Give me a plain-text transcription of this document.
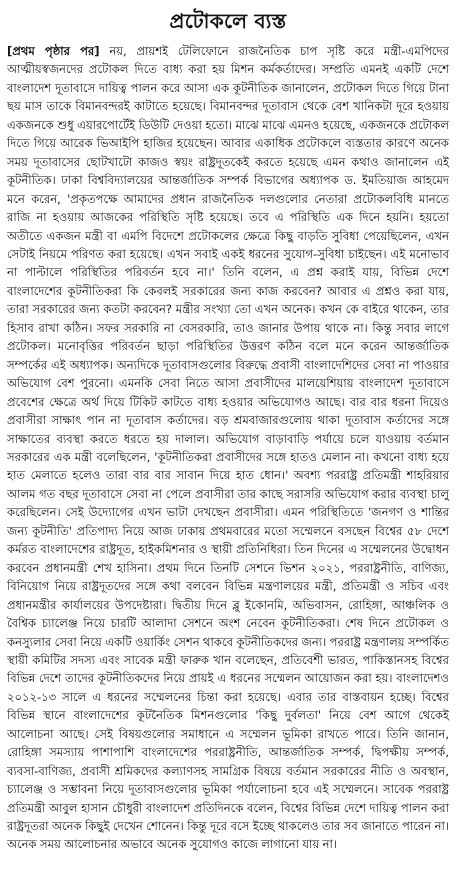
প্রটোকলে ব্যস্ত

[প্রথম পৃষ্ঠার পর] নয়, প্রায়শই টেলিফোনে রাজনৈতিক চাপ সৃষ্টি করে মন্ত্রী-এমপিদের আত্মীয়স্বজনদের প্রটোকল দিতে বাধ্য করা হয় মিশন কর্মকর্তাদের। সম্প্রতি এমনই একটি দেশে বাংলাদেশ দূতাবাসে দায়িত্ব পালন করে আসা এক কূটনীতিক জানালেন, প্রটোকল দিতে গিয়ে টানা ছয় মাস তাকে বিমানবন্দরই কাটাতে হয়েছে। বিমানবন্দর দূতাবাস থেকে বেশ খানিকটা দূরে হওয়ায় একজনকে শুধু এয়ারপোর্টেই ডিউটি দেওয়া হতো। মাঝে মাঝে এমনও হয়েছে, একজনকে প্রটোকল দিতে গিয়ে আরেক ভিআইপি হাজির হয়েছেন। আবার একাধিক প্রটোকলে ব্যস্ততার কারণে অনেক সময় দূতাবাসের ছোটখাটো কাজও স্বয়ং রাষ্ট্রদূতকেই করতে হয়েছে এমন কথাও জানালেন এই কূটনীতিক। ঢাকা বিশ্ববিদ্যালয়ের আন্তর্জাতিক সম্পর্ক বিভাগের অধ্যাপক ড. ইমতিয়াজ আহমেদ মনে করেন, 'প্রকৃতপক্ষে আমাদের প্রধান রাজনৈতিক দলগুলোর নেতারা প্রটোকলবিধি মানতে রাজি না হওয়ায় আজকের পরিস্থিতি সৃষ্টি হয়েছে। তবে এ পরিস্থিতি এক দিনে হয়নি। হয়তো অতীতে একজন মন্ত্রী বা এমপি বিদেশে প্রটোকলের ক্ষেত্রে কিছু বাড়তি সুবিধা পেয়েছিলেন, এখন সেটাই নিয়মে পরিণত করা হয়েছে। এখন সবাই একই ধরনের সুযোগ-সুবিধা চাইছেন। এই মনোভাব না পাল্টালে পরিস্থিতির পরিবর্তন হবে না।' তিনি বলেন, এ প্রশ্ন করাই যায়, বিভিন্ন দেশে বাংলাদেশের কূটনীতিকরা কি কেবলই সরকারের জন্য কাজ করবেন? আবার এ প্রশ্নও করা যায়, তারা সরকারের জন্য কতটা করবেন? মন্ত্রীর সংখ্যা তো এখন অনেক। কখন কে বাইরে থাকেন, তার হিসাব রাখা কঠিন। সফর সরকারি না বেসরকারি, তাও জানার উপায় থাকে না। কিন্তু সবার লাগে প্রটোকল। মনোবৃত্তির পরিবর্তন ছাড়া পরিস্থিতির উত্তরণ কঠিন বলে মনে করেন আন্তর্জাতিক সম্পর্কের এই অধ্যাপক। অন্যদিকে দূতাবাসগুলোর বিরুদ্ধে প্রবাসী বাংলাদেশিদের সেবা না পাওয়ার অভিযোগ বেশ পুরনো। এমনকি সেবা নিতে আসা প্রবাসীদের মালয়েশিয়ায় বাংলাদেশ দূতাবাসে প্রবেশের ক্ষেত্রে অর্থ দিয়ে টিকিট কাটতে বাধ্য হওয়ার অভিযোগও আছে। বার বার ধরনা দিয়েও প্রবাসীরা সাক্ষাৎ পান না দূতাবাস কর্তাদের। বড় শ্রমবাজারগুলোয় থাকা দূতাবাস কর্তাদের সঙ্গে সাক্ষাতের ব্যবস্থা করতে ধরতে হয় দালাল। অভিযোগ বাড়াবাড়ি পর্যায়ে চলে যাওয়ায় বর্তমান সরকারের এক মন্ত্রী বলেছিলেন, 'কূটনীতিকরা প্রবাসীদের সঙ্গে হাতও মেলান না। কখনো বাধ্য হয়ে হাত মেলাতে হলেও তারা বার বার সাবান দিয়ে হাত ধোন।' অবশ্য পররাষ্ট্র প্রতিমন্ত্রী শাহরিয়ার আলম গত বছর দূতাবাসে সেবা না পেলে প্রবাসীরা তার কাছে সরাসরি অভিযোগ করার ব্যবস্থা চালু করেছিলেন। সেই উদ্যোগের এখন ভাটা দেখছেন প্রবাসীরা। এমন পরিস্থিতিতে 'জনগণ ও শান্তির জন্য কূটনীতি' প্রতিপাদ্য নিয়ে আজ ঢাকায় প্রথমবারের মতো সম্মেলনে বসছেন বিশ্বের ৫৮ দেশে কর্মরত বাংলাদেশের রাষ্ট্রদূত, হাইকমিশনার ও স্থায়ী প্রতিনিধিরা। তিন দিনের এ সম্মেলনের উদ্বোধন করবেন প্রধানমন্ত্রী শেখ হাসিনা। প্রথম দিনে তিনটি সেশনে ভিশন ২০২১, পররাষ্ট্রনীতি, বাণিজ্য, বিনিয়োগ নিয়ে রাষ্ট্রদূতদের সঙ্গে কথা বলবেন বিভিন্ন মন্ত্রণালয়ের মন্ত্রী, প্রতিমন্ত্রী ও সচিব এবং প্রধানমন্ত্রীর কার্যালয়ের উপদেষ্টারা। দ্বিতীয় দিনে ব্লু ইকোনমি, অভিবাসন, রোহিঙ্গা, আঞ্চলিক ও বৈশ্বিক চ্যালেঞ্জ নিয়ে চারটি আলাদা সেশনে অংশ নেবেন কূটনীতিকরা। শেষ দিনে প্রটোকল ও কনস্যুলার সেবা নিয়ে একটি ওয়ার্কিং সেশন থাকবে কূটনীতিকদের জন্য। পররাষ্ট্র মন্ত্রণালয় সম্পর্কিত স্থায়ী কমিটির সদস্য এবং সাবেক মন্ত্রী ফারুক খান বলেছেন, প্রতিবেশী ভারত, পাকিস্তানসহ বিশ্বের বিভিন্ন দেশে তাদের কূটনীতিকদের নিয়ে প্রায়ই এ ধরনের সম্মেলন আয়োজন করা হয়। বাংলাদেশও ২০১২-১৩ সালে এ ধরনের সম্মেলনের চিন্তা করা হয়েছে। এবার তার বাস্তবায়ন হচ্ছে। বিশ্বের বিভিন্ন স্থানে বাংলাদেশের কূটনৈতিক মিশনগুলোর 'কিছু দুর্বলতা' নিয়ে বেশ আগে থেকেই আলোচনা আছে। সেই বিষয়গুলোর সমাধানে এ সম্মেলন ভূমিকা রাখতে পারে। তিনি জানান, রোহিঙ্গা সমস্যায় পাশাপাশি বাংলাদেশের পররাষ্ট্রনীতি, আন্তর্জাতিক সম্পর্ক, দ্বিপক্ষীয় সম্পর্ক, ব্যবসা-বাণিজ্য, প্রবাসী শ্রমিকদের কল্যাণসহ সামগ্রিক বিষয়ে বর্তমান সরকারের নীতি ও অবস্থান, চ্যালেঞ্জ ও সম্ভাবনা নিয়ে দূতাবাসগুলোর ভূমিকা পর্যালোচনা হবে এই সম্মেলনে। সাবেক পররাষ্ট্র প্রতিমন্ত্রী আবুল হাসান চৌধুরী বাংলাদেশ প্রতিদিনকে বলেন, বিশ্বের বিভিন্ন দেশে দায়িত্ব পালন করা রাষ্ট্রদূতরা অনেক কিছুই দেখেন শোনেন। কিন্তু দূরে বসে ইচ্ছে থাকলেও তার সব জানাতে পারেন না। অনেক সময় আলোচনার অভাবে অনেক সুযোগও কাজে লাগানো যায় না।
